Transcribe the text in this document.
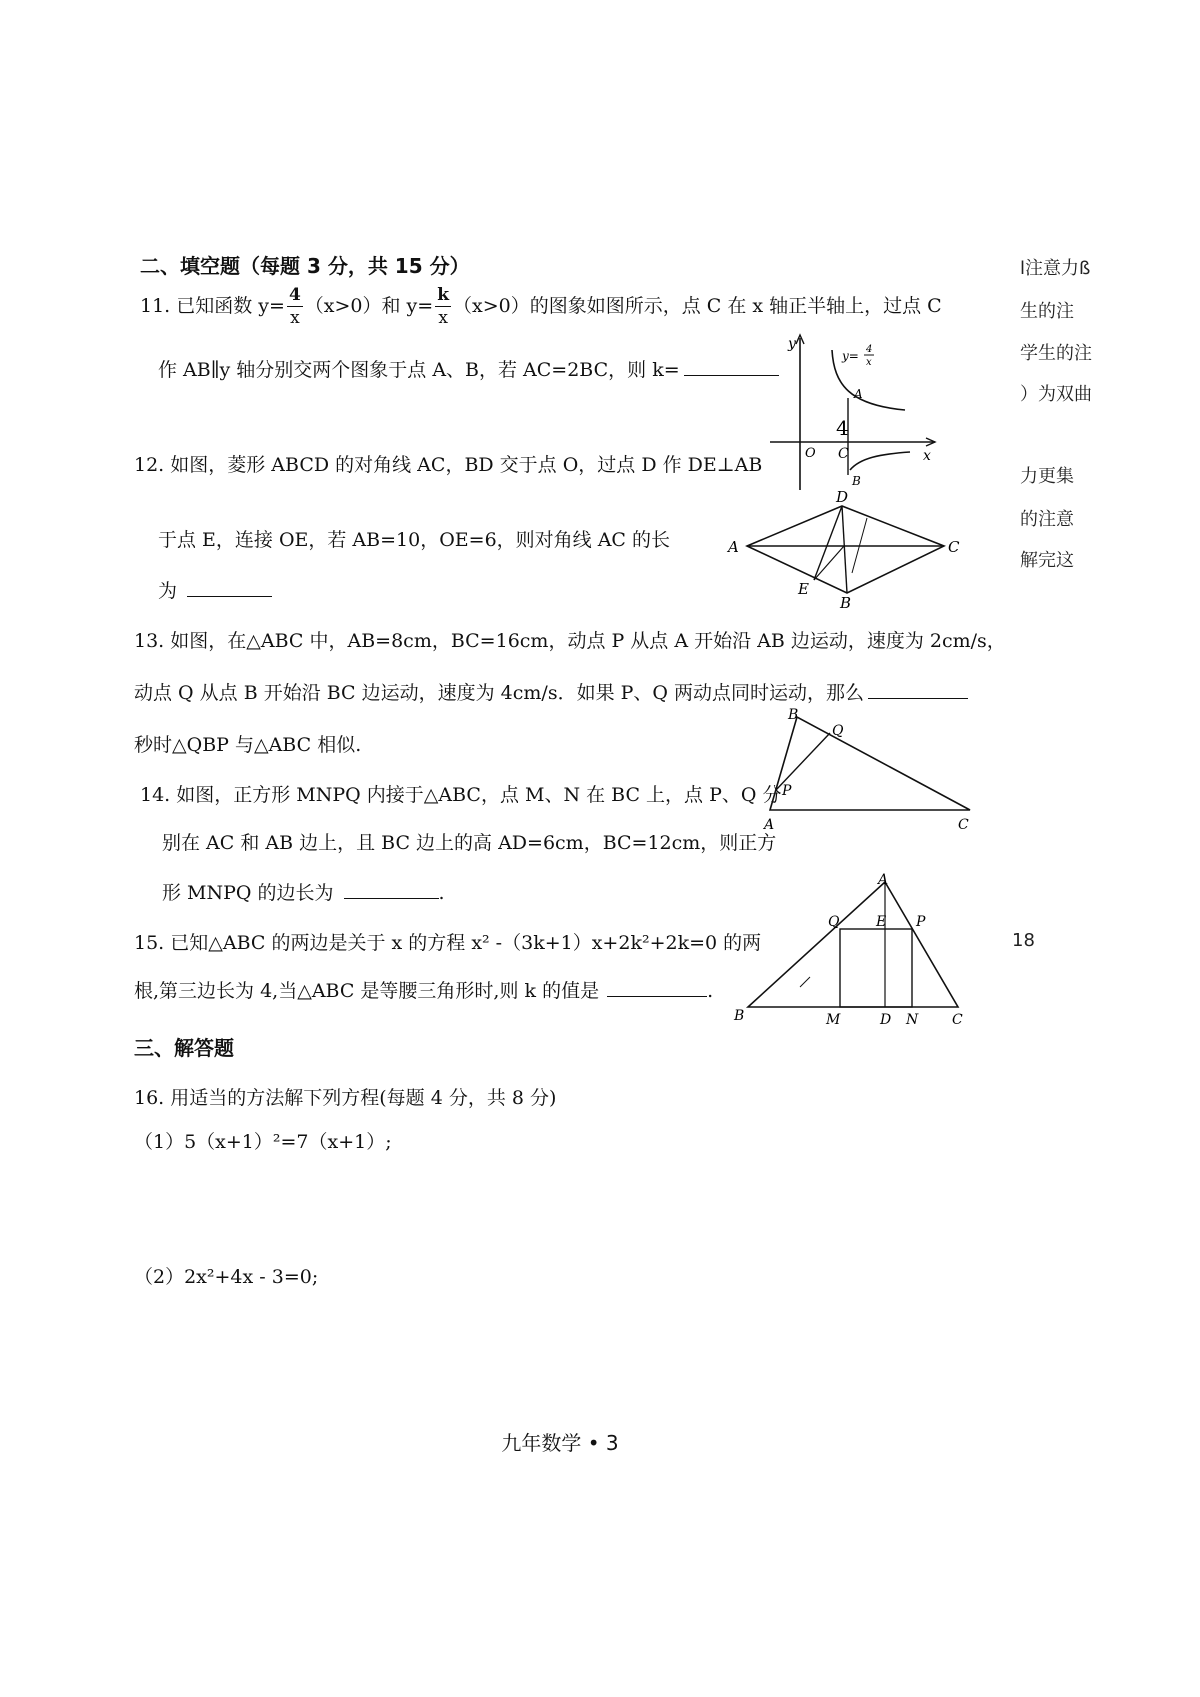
二、填空题（每题 3 分，共 15 分）
11. 已知函数 $y= \frac{4}{x} (x>0)$和 $y= \frac{k}{x} (x>0)$的图象如图所示，点 C 在 x 轴正半轴上，过点 C
作 AB∥y 轴分别交两个图象于点 A、B，若 AC=2BC，则 k=
y
x
O C
A
B
y= 4
x
4
12. 如图，菱形 ABCD 的对角线 AC，BD 交于点 O，过点 D 作 DE⊥AB
于点 E，连接 OE，若 AB=10，OE=6，则对角线 AC 的长
为
A
D
C
E
B
13. 如图，在△ABC 中，AB=8cm，BC=16cm，动点 P 从点 A 开始沿 AB 边运动，速度为 2cm/s，
动点 Q 从点 B 开始沿 BC 边运动，速度为 4cm/s．如果 P、Q 两动点同时运动，那么
秒时△QBP 与△ABC 相似.
B
Q
P
A	C
14. 如图，正方形 MNPQ 内接于△ABC，点 M、N 在 BC 上，点 P、Q 分
别在 AC 和 AB 边上，且 BC 边上的高 AD=6cm，BC=12cm，则正方
形 MNPQ 的边长为	.
A
Q	E P
B	M	D N C
15. 已知△ABC 的两边是关于 x 的方程 x² -（3k+1）x+2k²+2k=0 的两
根,第三边长为 4,当△ABC 是等腰三角形时,则 k 的值是	.
三、解答题
16. 用适当的方法解下列方程(每题 4 分，共 8 分)
（1）5（x+1）²=7（x+1）;
（2）2x²+4x - 3=0;
l注意力ß
生的注
学生的注
）为双曲
力更集
的注意
解完这
18
九年数学 • 3
